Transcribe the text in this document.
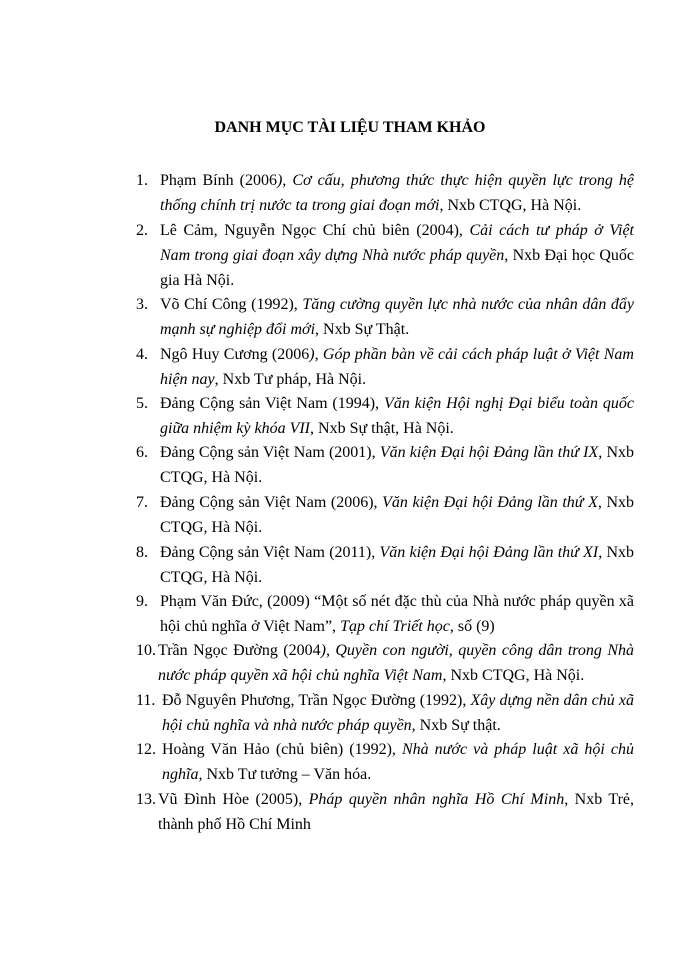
DANH MỤC TÀI LIỆU THAM KHẢO
1. Phạm Bính (2006), Cơ cấu, phương thức thực hiện quyền lực trong hệ thống chính trị nước ta trong giai đoạn mới, Nxb CTQG, Hà Nội.
2. Lê Cảm, Nguyễn Ngọc Chí chủ biên (2004), Cải cách tư pháp ở Việt Nam trong giai đoạn xây dựng Nhà nước pháp quyền, Nxb Đại học Quốc gia Hà Nội.
3. Võ Chí Công (1992), Tăng cường quyền lực nhà nước của nhân dân đẩy mạnh sự nghiệp đổi mới, Nxb Sự Thật.
4. Ngô Huy Cương (2006), Góp phần bàn về cải cách pháp luật ở Việt Nam hiện nay, Nxb Tư pháp, Hà Nội.
5. Đảng Cộng sản Việt Nam (1994), Văn kiện Hội nghị Đại biểu toàn quốc giữa nhiệm kỳ khóa VII, Nxb Sự thật, Hà Nội.
6. Đảng Cộng sản Việt Nam (2001), Văn kiện Đại hội Đảng lần thứ IX, Nxb CTQG, Hà Nội.
7. Đảng Cộng sản Việt Nam (2006), Văn kiện Đại hội Đảng lần thứ X, Nxb CTQG, Hà Nội.
8. Đảng Cộng sản Việt Nam (2011), Văn kiện Đại hội Đảng lần thứ XI, Nxb CTQG, Hà Nội.
9. Phạm Văn Đức, (2009) “Một số nét đặc thù của Nhà nước pháp quyền xã hội chủ nghĩa ở Việt Nam”, Tạp chí Triết học, số (9)
10. Trần Ngọc Đường (2004), Quyền con người, quyền công dân trong Nhà nước pháp quyền xã hội chủ nghĩa Việt Nam, Nxb CTQG, Hà Nội.
11. Đỗ Nguyên Phương, Trần Ngọc Đường (1992), Xây dựng nền dân chủ xã hội chủ nghĩa và nhà nước pháp quyền, Nxb Sự thật.
12. Hoàng Văn Hảo (chủ biên) (1992), Nhà nước và pháp luật xã hội chủ nghĩa, Nxb Tư tưởng – Văn hóa.
13. Vũ Đình Hòe (2005), Pháp quyền nhân nghĩa Hồ Chí Minh, Nxb Trẻ, thành phố Hồ Chí Minh
